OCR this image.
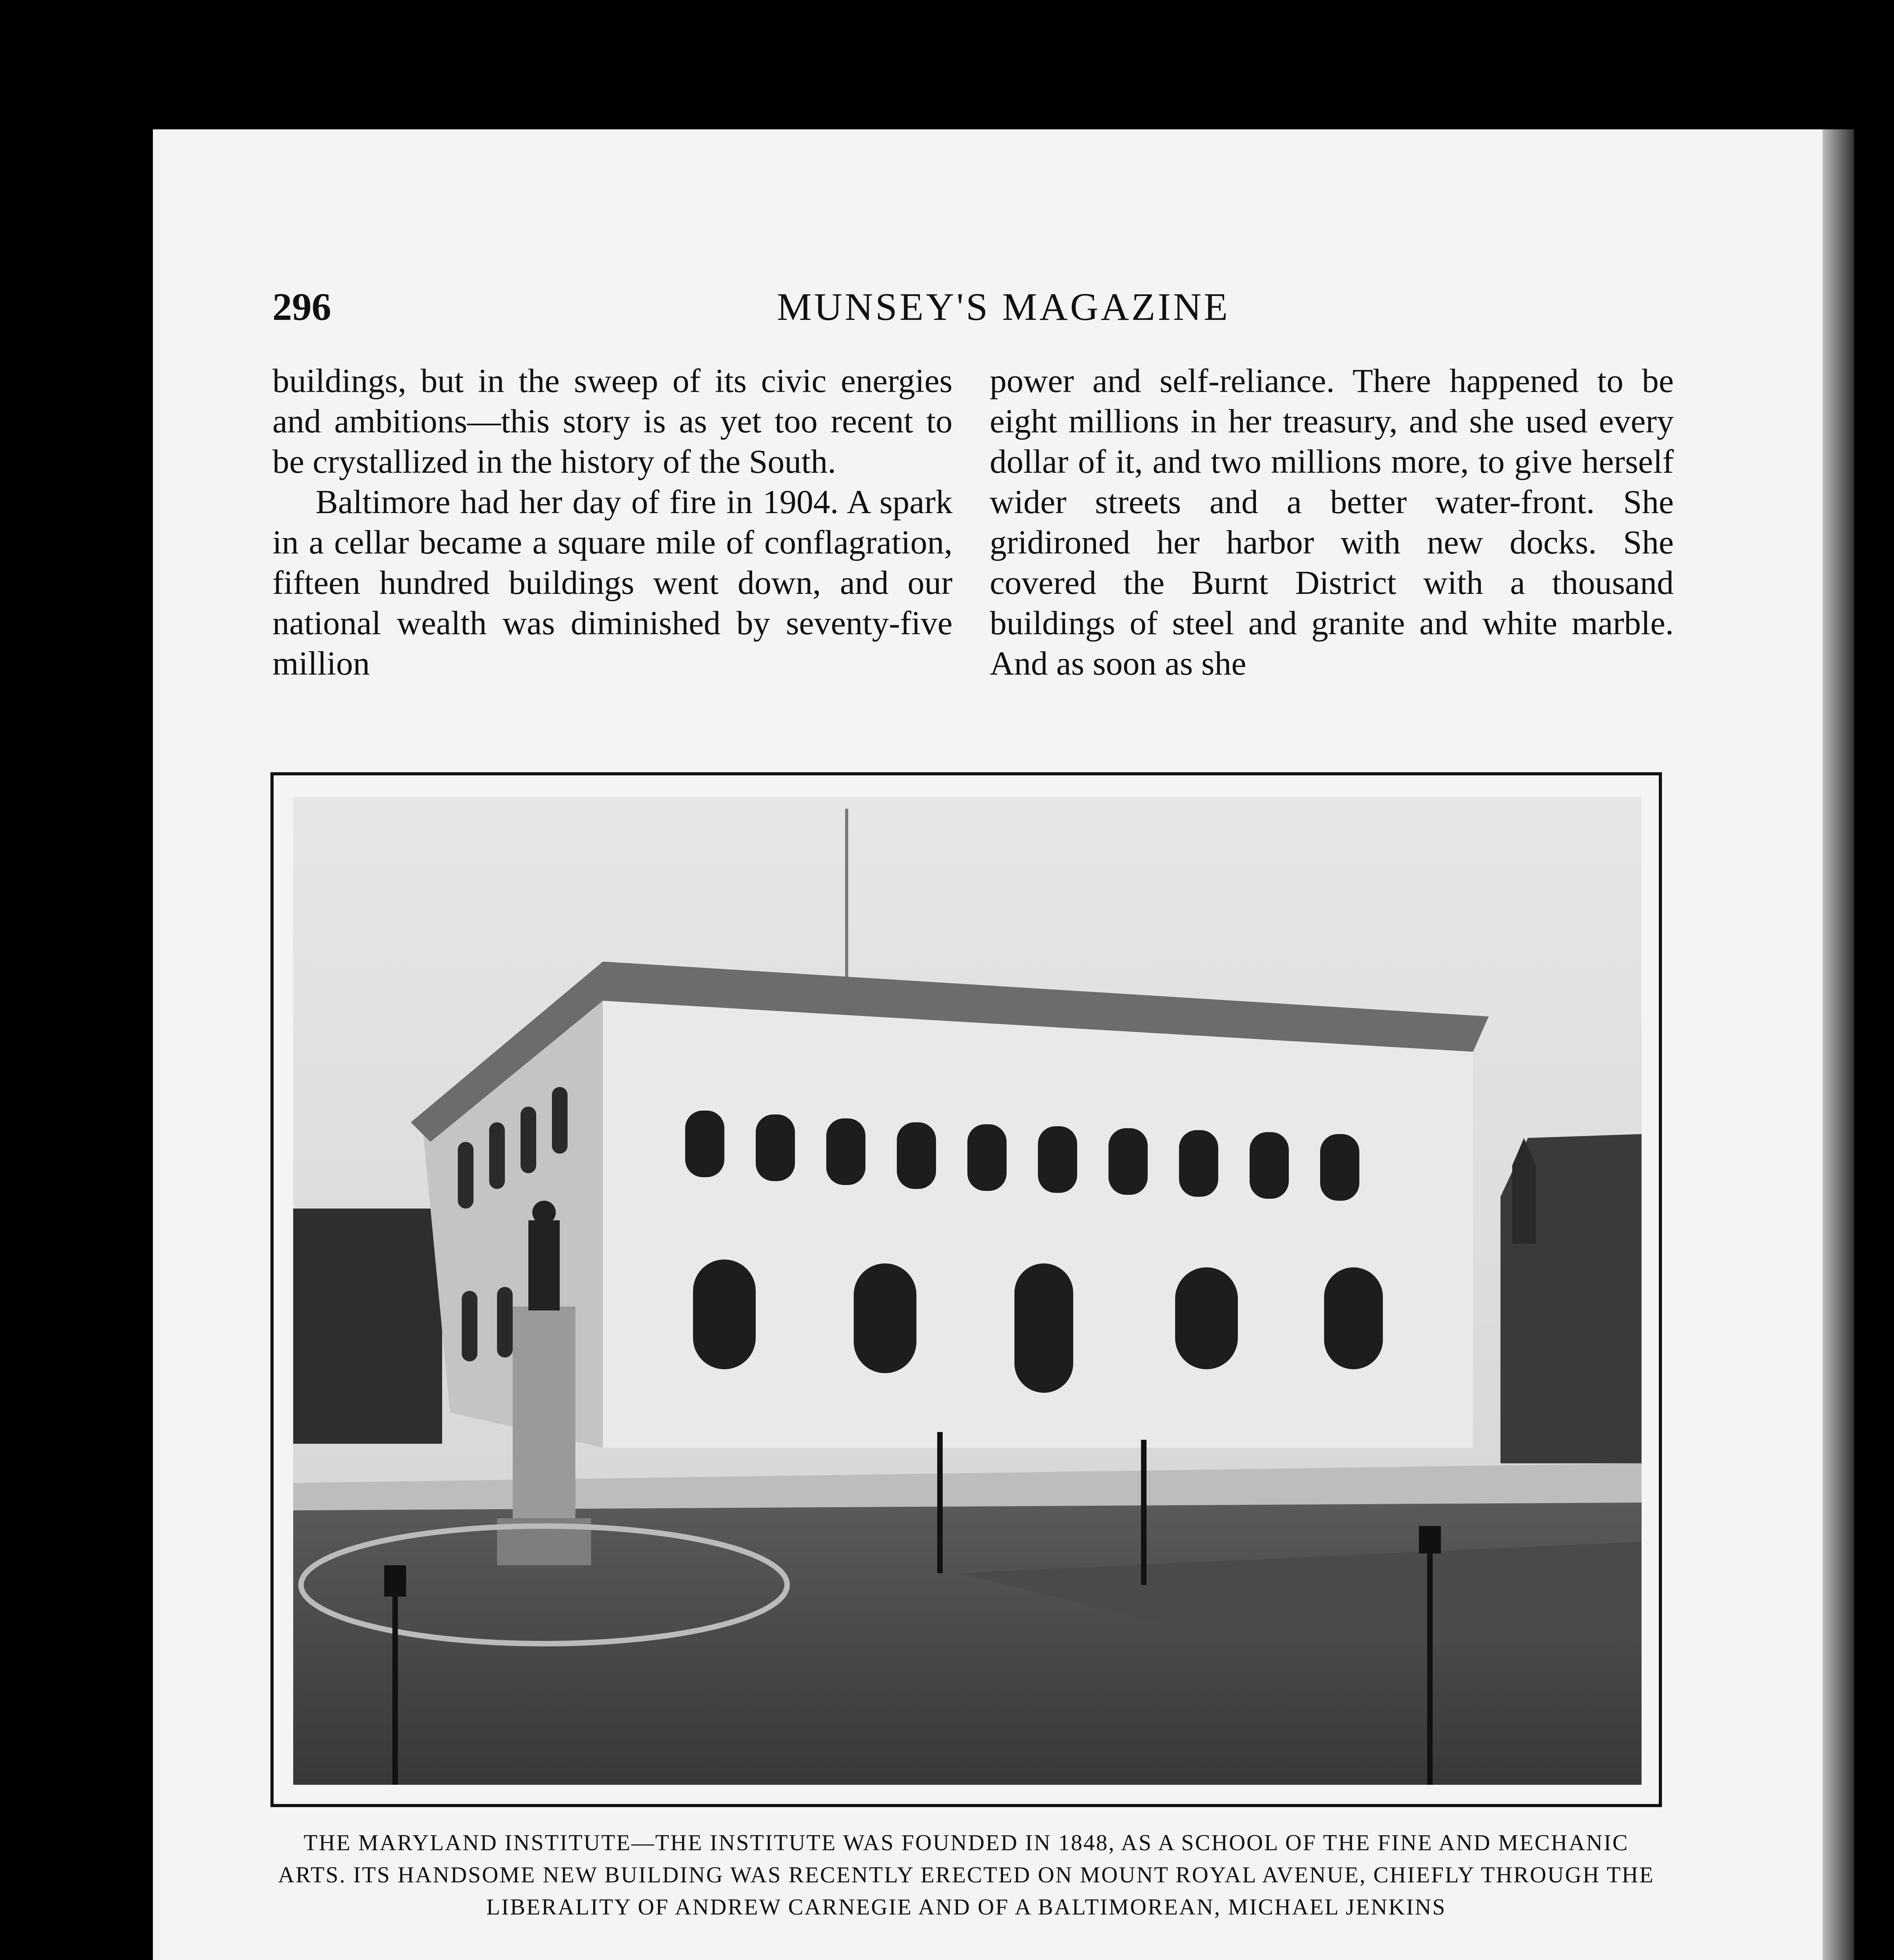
296	MUNSEY'S MAGAZINE

buildings, but in the sweep of its civic energies and ambitions—this story is as yet too recent to be crystallized in the history of the South.

Baltimore had her day of fire in 1904. A spark in a cellar became a square mile of conflagration, fifteen hundred buildings went down, and our national wealth was diminished by seventy-five million

power and self-reliance. There happened to be eight millions in her treasury, and she used every dollar of it, and two millions more, to give herself wider streets and a better water-front. She gridironed her harbor with new docks. She covered the Burnt District with a thousand buildings of steel and granite and white marble. And as soon as she

THE MARYLAND INSTITUTE—THE INSTITUTE WAS FOUNDED IN 1848, AS A SCHOOL OF THE FINE AND MECHANIC ARTS. ITS HANDSOME NEW BUILDING WAS RECENTLY ERECTED ON MOUNT ROYAL AVENUE, CHIEFLY THROUGH THE LIBERALITY OF ANDREW CARNEGIE AND OF A BALTIMOREAN, MICHAEL JENKINS
